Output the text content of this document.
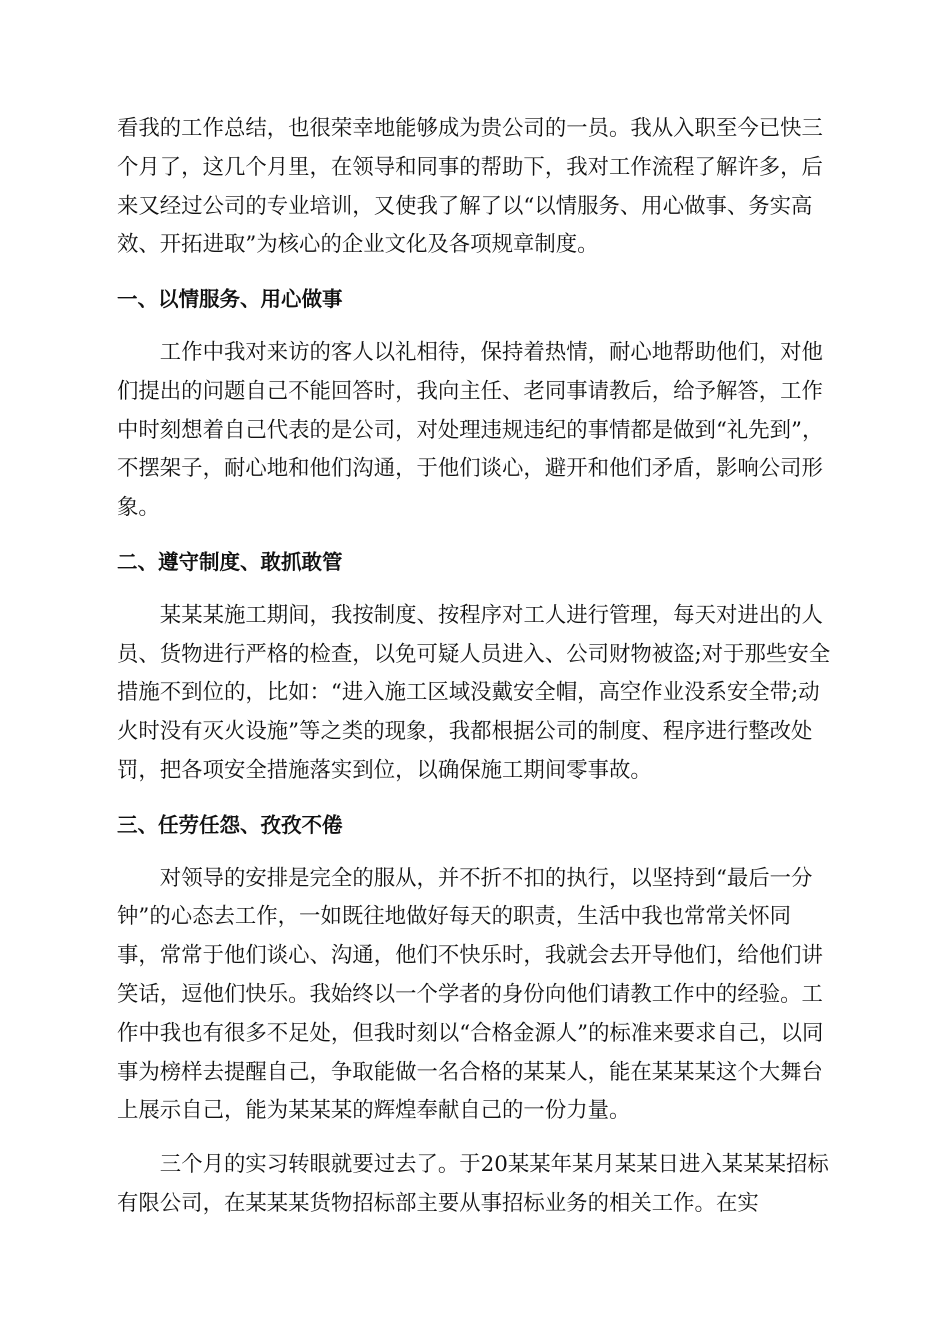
看我的工作总结，也很荣幸地能够成为贵公司的一员。我从入职至今已快三个月了，这几个月里，在领导和同事的帮助下，我对工作流程了解许多，后来又经过公司的专业培训，又使我了解了以“以情服务、用心做事、务实高效、开拓进取”为核心的企业文化及各项规章制度。

一、以情服务、用心做事

工作中我对来访的客人以礼相待，保持着热情，耐心地帮助他们，对他们提出的问题自己不能回答时，我向主任、老同事请教后，给予解答，工作中时刻想着自己代表的是公司，对处理违规违纪的事情都是做到“礼先到”，不摆架子，耐心地和他们沟通，于他们谈心，避开和他们矛盾，影响公司形象。

二、遵守制度、敢抓敢管

某某某施工期间，我按制度、按程序对工人进行管理，每天对进出的人员、货物进行严格的检查，以免可疑人员进入、公司财物被盗;对于那些安全措施不到位的，比如：“进入施工区域没戴安全帽，高空作业没系安全带;动火时没有灭火设施”等之类的现象，我都根据公司的制度、程序进行整改处罚，把各项安全措施落实到位，以确保施工期间零事故。

三、任劳任怨、孜孜不倦

对领导的安排是完全的服从，并不折不扣的执行，以坚持到“最后一分钟”的心态去工作，一如既往地做好每天的职责，生活中我也常常关怀同事，常常于他们谈心、沟通，他们不快乐时，我就会去开导他们，给他们讲笑话，逗他们快乐。我始终以一个学者的身份向他们请教工作中的经验。工作中我也有很多不足处，但我时刻以“合格金源人”的标准来要求自己，以同事为榜样去提醒自己，争取能做一名合格的某某人，能在某某某这个大舞台上展示自己，能为某某某的辉煌奉献自己的一份力量。

三个月的实习转眼就要过去了。于20某某年某月某某日进入某某某招标有限公司，在某某某货物招标部主要从事招标业务的相关工作。在实
